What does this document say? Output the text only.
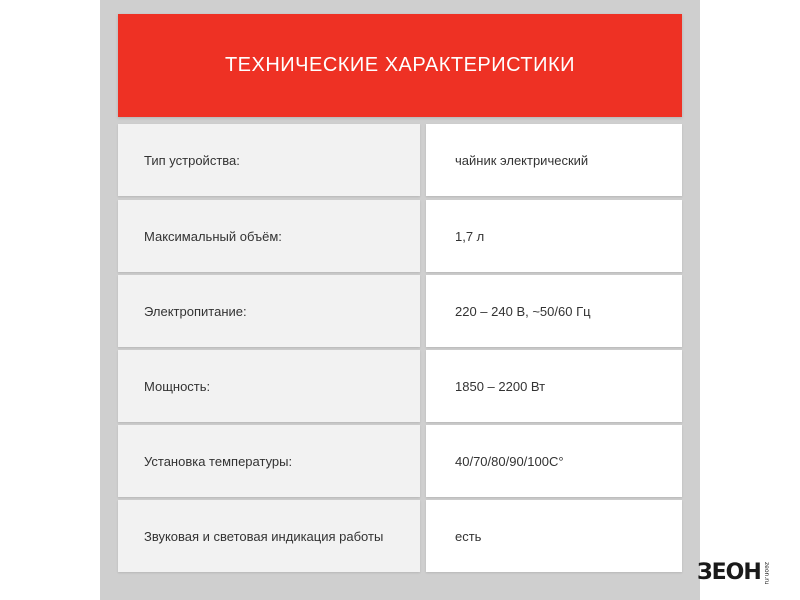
ТЕХНИЧЕСКИЕ ХАРАКТЕРИСТИКИ
Тип устройства:	чайник электрический
Максимальный объём:	1,7 л
Электропитание:	220 – 240 В, ~50/60 Гц
Мощность:	1850 – 2200 Вт
Установка температуры:	40/70/80/90/100С°
Звуковая и световая индикация работы	есть
ЗЕОН zeon.ru
